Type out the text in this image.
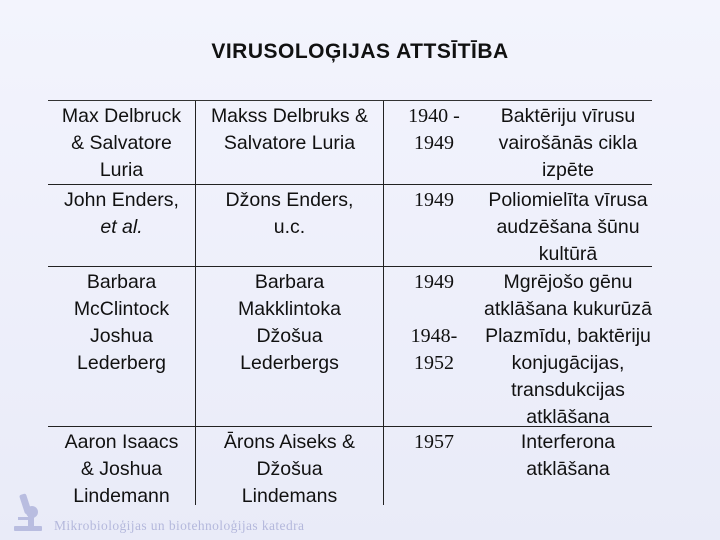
VIRUSOLOĢIJAS ATTSĪTĪBA
Max Delbruck
& Salvatore
Luria
Makss Delbruks &
Salvatore Luria
1940 -
1949
Baktēriju vīrusu
vairošānās cikla
izpēte
John Enders,
et al.
Džons Enders,
u.c.
1949	Poliomielīta vīrusa
audzēšana šūnu
kultūrā
Barbara
McClintock
Joshua
Lederberg
Barbara
Makklintoka
Džošua
Lederbergs
1949
1948-
1952
Mgrējošo gēnu
atklāšana kukurūzā
Plazmīdu, baktēriju
konjugācijas,
transdukcijas
atklāšana
Aaron Isaacs
& Joshua
Lindemann
Ārons Aiseks &
Džošua
Lindemans
1957	Interferona
atklāšana
Mikrobioloģijas un biotehnoloģijas katedra
